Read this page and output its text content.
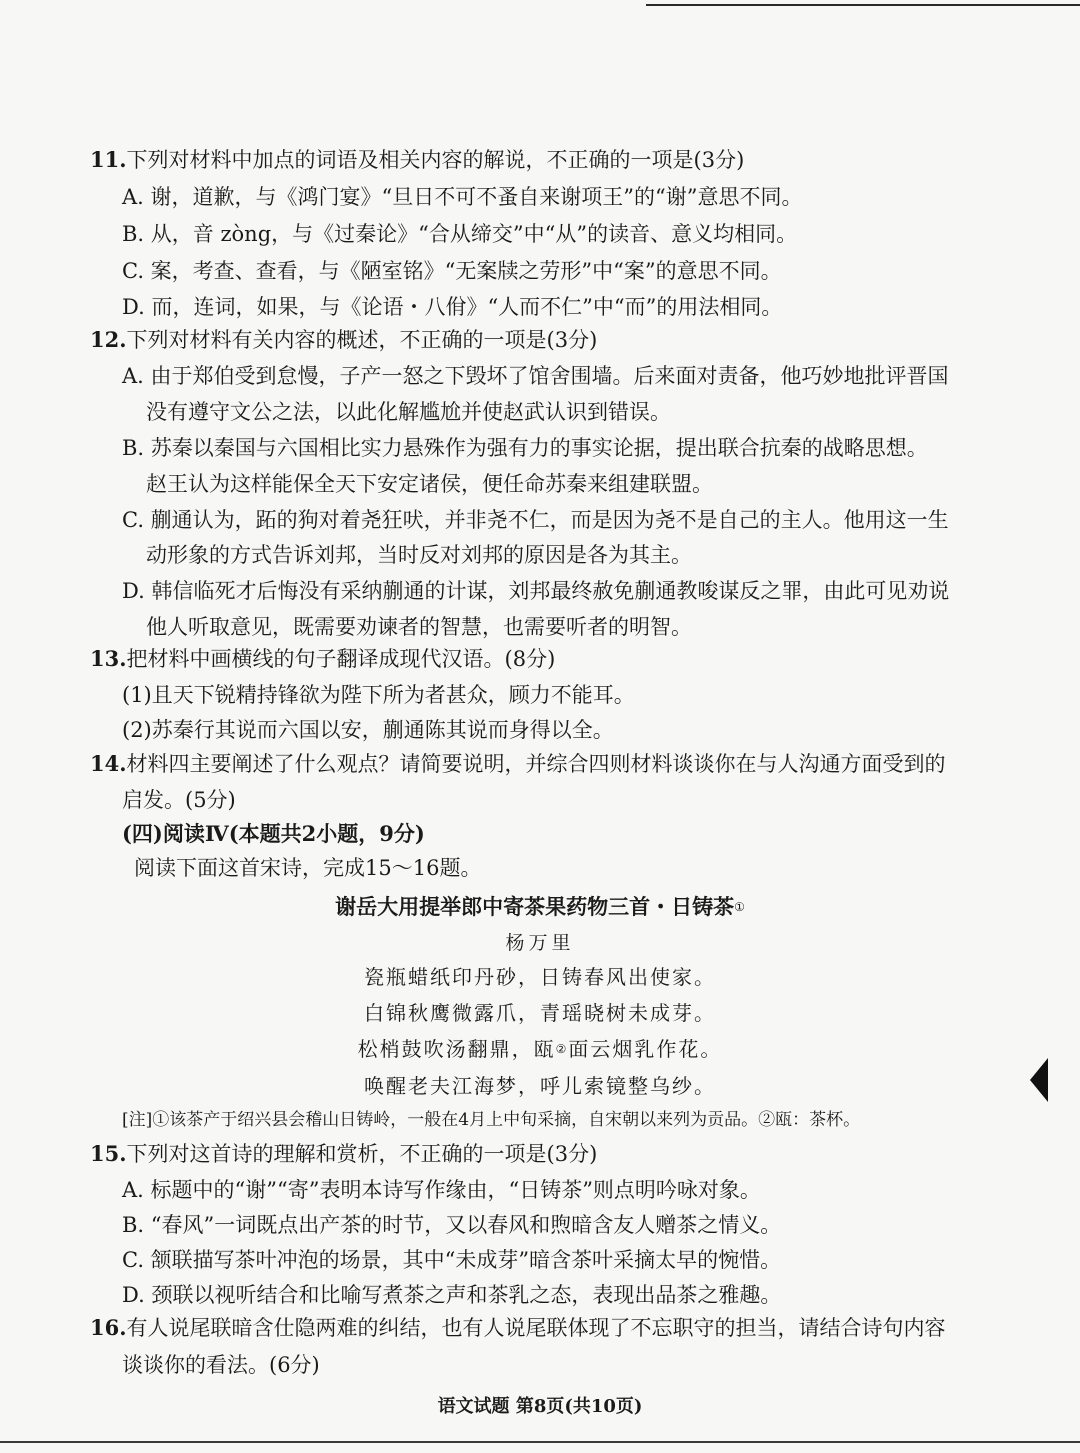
11.下列对材料中加点的词语及相关内容的解说，不正确的一项是(3分)
A. 谢，道歉，与《鸿门宴》“旦日不可不蚤自来谢项王”的“谢”意思不同。
B. 从，音 zòng，与《过秦论》“合从缔交”中“从”的读音、意义均相同。
C. 案，考查、查看，与《陋室铭》“无案牍之劳形”中“案”的意思不同。
D. 而，连词，如果，与《论语・八佾》“人而不仁”中“而”的用法相同。
12.下列对材料有关内容的概述，不正确的一项是(3分)
A. 由于郑伯受到怠慢，子产一怒之下毁坏了馆舍围墙。后来面对责备，他巧妙地批评晋国
没有遵守文公之法，以此化解尴尬并使赵武认识到错误。
B. 苏秦以秦国与六国相比实力悬殊作为强有力的事实论据，提出联合抗秦的战略思想。
赵王认为这样能保全天下安定诸侯，便任命苏秦来组建联盟。
C. 蒯通认为，跖的狗对着尧狂吠，并非尧不仁，而是因为尧不是自己的主人。他用这一生
动形象的方式告诉刘邦，当时反对刘邦的原因是各为其主。
D. 韩信临死才后悔没有采纳蒯通的计谋，刘邦最终赦免蒯通教唆谋反之罪，由此可见劝说
他人听取意见，既需要劝谏者的智慧，也需要听者的明智。
13.把材料中画横线的句子翻译成现代汉语。(8分)
(1)且天下锐精持锋欲为陛下所为者甚众，顾力不能耳。
(2)苏秦行其说而六国以安，蒯通陈其说而身得以全。
14.材料四主要阐述了什么观点？请简要说明，并综合四则材料谈谈你在与人沟通方面受到的
启发。(5分)
(四)阅读Ⅳ(本题共2小题，9分)
阅读下面这首宋诗，完成15～16题。
谢岳大用提举郎中寄茶果药物三首・日铸茶①
杨万里
瓷瓶蜡纸印丹砂，日铸春风出使家。
白锦秋鹰微露爪，青瑶晓树未成芽。
松梢鼓吹汤翻鼎，瓯②面云烟乳作花。
唤醒老夫江海梦，呼儿索镜整乌纱。
[注]①该茶产于绍兴县会稽山日铸岭，一般在4月上中旬采摘，自宋朝以来列为贡品。②瓯：茶杯。
15.下列对这首诗的理解和赏析，不正确的一项是(3分)
A. 标题中的“谢”“寄”表明本诗写作缘由，“日铸茶”则点明吟咏对象。
B. “春风”一词既点出产茶的时节，又以春风和煦暗含友人赠茶之情义。
C. 颔联描写茶叶冲泡的场景，其中“未成芽”暗含茶叶采摘太早的惋惜。
D. 颈联以视听结合和比喻写煮茶之声和茶乳之态，表现出品茶之雅趣。
16.有人说尾联暗含仕隐两难的纠结，也有人说尾联体现了不忘职守的担当，请结合诗句内容
谈谈你的看法。(6分)
语文试题 第8页(共10页)
